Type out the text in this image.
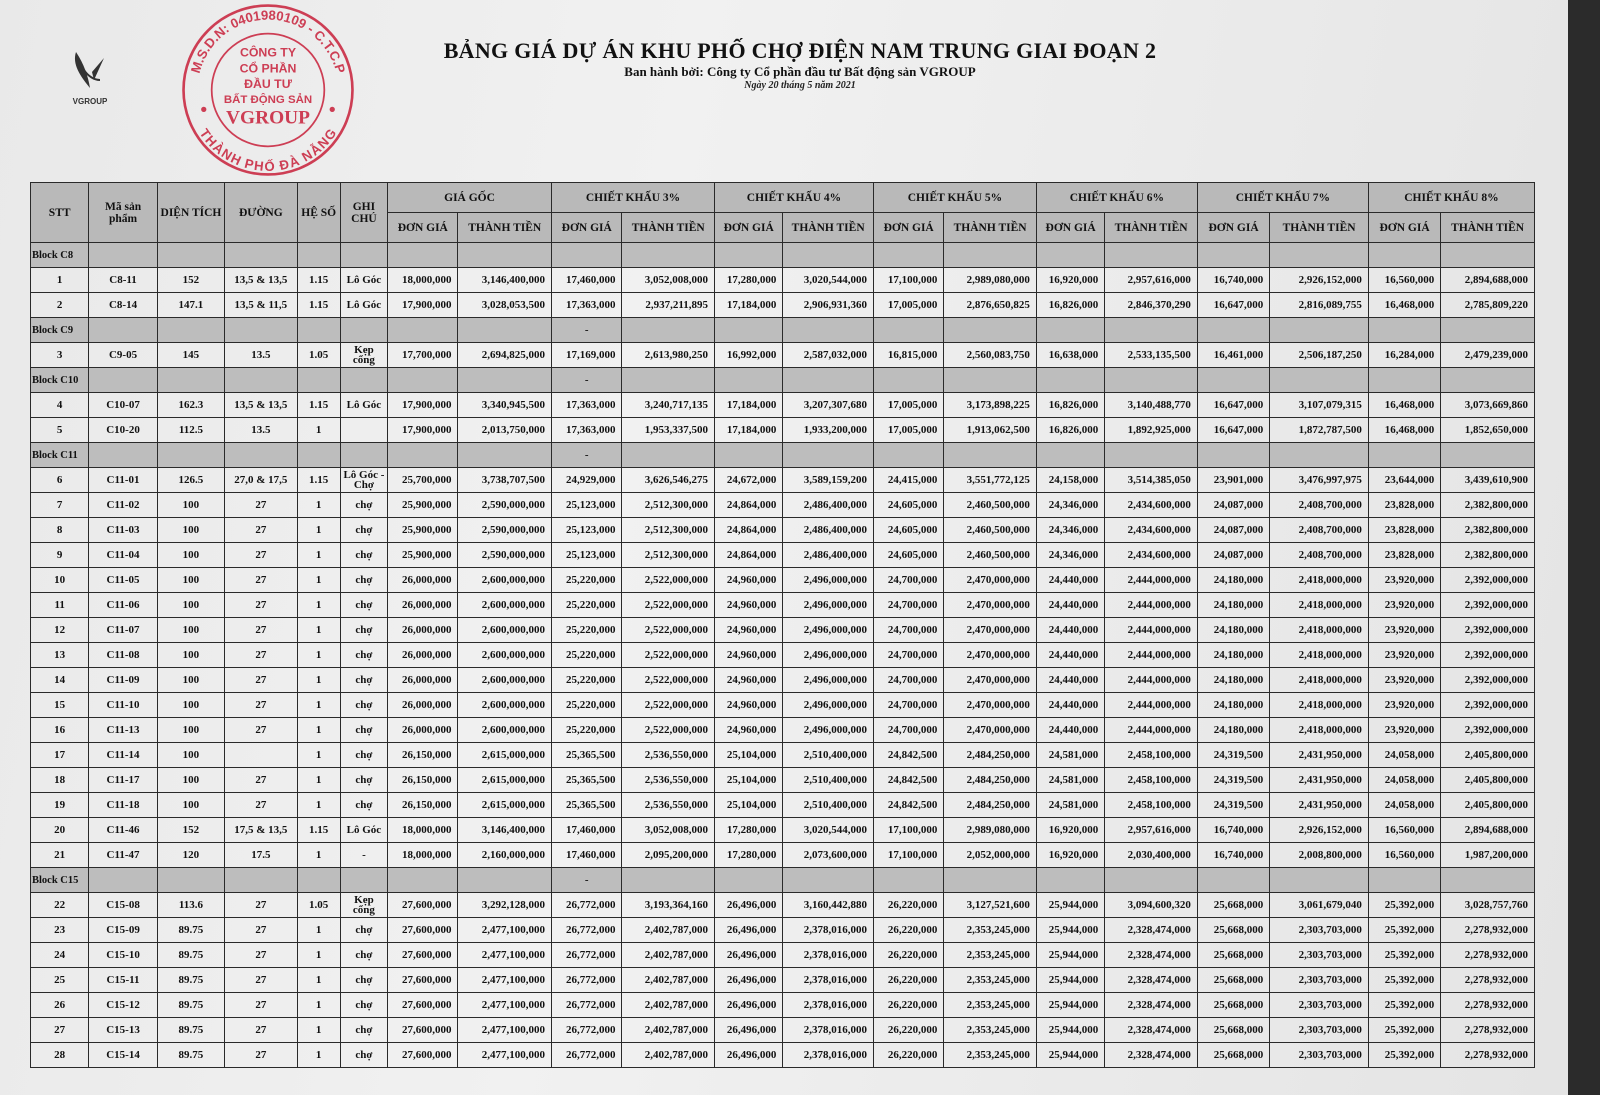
VGROUP
BẢNG GIÁ DỰ ÁN KHU PHỐ CHỢ ĐIỆN NAM TRUNG GIAI ĐOẠN 2
Ban hành bởi: Công ty Cổ phần đầu tư Bất động sản VGROUP
Ngày 20 tháng 5 năm 2021
M.S.D.N: 0401980109 - C.T.C.P
THÀNH PHỐ ĐÀ NẴNG
CÔNG TY
CỔ PHẦN
ĐẦU TƯ
BẤT ĐỘNG SẢN
VGROUP
STT	Mã sản phẩm	DIỆN TÍCH	ĐƯỜNG	HỆ SỐ	GHI CHÚ	GIÁ GỐC		CHIẾT KHẤU 3%		CHIẾT KHẤU 4%		CHIẾT KHẤU 5%		CHIẾT KHẤU 6%		CHIẾT KHẤU 7%		CHIẾT KHẤU 8%	
						ĐƠN GIÁ	THÀNH TIỀN	ĐƠN GIÁ	THÀNH TIỀN	ĐƠN GIÁ	THÀNH TIỀN	ĐƠN GIÁ	THÀNH TIỀN	ĐƠN GIÁ	THÀNH TIỀN	ĐƠN GIÁ	THÀNH TIỀN	ĐƠN GIÁ	THÀNH TIỀN
Block C8																			
1	C8-11	152	13,5 & 13,5	1.15	Lô Góc	18,000,000	3,146,400,000	17,460,000	3,052,008,000	17,280,000	3,020,544,000	17,100,000	2,989,080,000	16,920,000	2,957,616,000	16,740,000	2,926,152,000	16,560,000	2,894,688,000
2	C8-14	147.1	13,5 & 11,5	1.15	Lô Góc	17,900,000	3,028,053,500	17,363,000	2,937,211,895	17,184,000	2,906,931,360	17,005,000	2,876,650,825	16,826,000	2,846,370,290	16,647,000	2,816,089,755	16,468,000	2,785,809,220
Block C9								-											
3	C9-05	145	13.5	1.05	Kẹp cổng	17,700,000	2,694,825,000	17,169,000	2,613,980,250	16,992,000	2,587,032,000	16,815,000	2,560,083,750	16,638,000	2,533,135,500	16,461,000	2,506,187,250	16,284,000	2,479,239,000
Block C10								-											
4	C10-07	162.3	13,5 & 13,5	1.15	Lô Góc	17,900,000	3,340,945,500	17,363,000	3,240,717,135	17,184,000	3,207,307,680	17,005,000	3,173,898,225	16,826,000	3,140,488,770	16,647,000	3,107,079,315	16,468,000	3,073,669,860
5	C10-20	112.5	13.5	1		17,900,000	2,013,750,000	17,363,000	1,953,337,500	17,184,000	1,933,200,000	17,005,000	1,913,062,500	16,826,000	1,892,925,000	16,647,000	1,872,787,500	16,468,000	1,852,650,000
Block C11								-											
6	C11-01	126.5	27,0 & 17,5	1.15	Lô Góc - Chợ	25,700,000	3,738,707,500	24,929,000	3,626,546,275	24,672,000	3,589,159,200	24,415,000	3,551,772,125	24,158,000	3,514,385,050	23,901,000	3,476,997,975	23,644,000	3,439,610,900
7	C11-02	100	27	1	chợ	25,900,000	2,590,000,000	25,123,000	2,512,300,000	24,864,000	2,486,400,000	24,605,000	2,460,500,000	24,346,000	2,434,600,000	24,087,000	2,408,700,000	23,828,000	2,382,800,000
8	C11-03	100	27	1	chợ	25,900,000	2,590,000,000	25,123,000	2,512,300,000	24,864,000	2,486,400,000	24,605,000	2,460,500,000	24,346,000	2,434,600,000	24,087,000	2,408,700,000	23,828,000	2,382,800,000
9	C11-04	100	27	1	chợ	25,900,000	2,590,000,000	25,123,000	2,512,300,000	24,864,000	2,486,400,000	24,605,000	2,460,500,000	24,346,000	2,434,600,000	24,087,000	2,408,700,000	23,828,000	2,382,800,000
10	C11-05	100	27	1	chợ	26,000,000	2,600,000,000	25,220,000	2,522,000,000	24,960,000	2,496,000,000	24,700,000	2,470,000,000	24,440,000	2,444,000,000	24,180,000	2,418,000,000	23,920,000	2,392,000,000
11	C11-06	100	27	1	chợ	26,000,000	2,600,000,000	25,220,000	2,522,000,000	24,960,000	2,496,000,000	24,700,000	2,470,000,000	24,440,000	2,444,000,000	24,180,000	2,418,000,000	23,920,000	2,392,000,000
12	C11-07	100	27	1	chợ	26,000,000	2,600,000,000	25,220,000	2,522,000,000	24,960,000	2,496,000,000	24,700,000	2,470,000,000	24,440,000	2,444,000,000	24,180,000	2,418,000,000	23,920,000	2,392,000,000
13	C11-08	100	27	1	chợ	26,000,000	2,600,000,000	25,220,000	2,522,000,000	24,960,000	2,496,000,000	24,700,000	2,470,000,000	24,440,000	2,444,000,000	24,180,000	2,418,000,000	23,920,000	2,392,000,000
14	C11-09	100	27	1	chợ	26,000,000	2,600,000,000	25,220,000	2,522,000,000	24,960,000	2,496,000,000	24,700,000	2,470,000,000	24,440,000	2,444,000,000	24,180,000	2,418,000,000	23,920,000	2,392,000,000
15	C11-10	100	27	1	chợ	26,000,000	2,600,000,000	25,220,000	2,522,000,000	24,960,000	2,496,000,000	24,700,000	2,470,000,000	24,440,000	2,444,000,000	24,180,000	2,418,000,000	23,920,000	2,392,000,000
16	C11-13	100	27	1	chợ	26,000,000	2,600,000,000	25,220,000	2,522,000,000	24,960,000	2,496,000,000	24,700,000	2,470,000,000	24,440,000	2,444,000,000	24,180,000	2,418,000,000	23,920,000	2,392,000,000
17	C11-14	100		1	chợ	26,150,000	2,615,000,000	25,365,500	2,536,550,000	25,104,000	2,510,400,000	24,842,500	2,484,250,000	24,581,000	2,458,100,000	24,319,500	2,431,950,000	24,058,000	2,405,800,000
18	C11-17	100	27	1	chợ	26,150,000	2,615,000,000	25,365,500	2,536,550,000	25,104,000	2,510,400,000	24,842,500	2,484,250,000	24,581,000	2,458,100,000	24,319,500	2,431,950,000	24,058,000	2,405,800,000
19	C11-18	100	27	1	chợ	26,150,000	2,615,000,000	25,365,500	2,536,550,000	25,104,000	2,510,400,000	24,842,500	2,484,250,000	24,581,000	2,458,100,000	24,319,500	2,431,950,000	24,058,000	2,405,800,000
20	C11-46	152	17,5 & 13,5	1.15	Lô Góc	18,000,000	3,146,400,000	17,460,000	3,052,008,000	17,280,000	3,020,544,000	17,100,000	2,989,080,000	16,920,000	2,957,616,000	16,740,000	2,926,152,000	16,560,000	2,894,688,000
21	C11-47	120	17.5	1	-	18,000,000	2,160,000,000	17,460,000	2,095,200,000	17,280,000	2,073,600,000	17,100,000	2,052,000,000	16,920,000	2,030,400,000	16,740,000	2,008,800,000	16,560,000	1,987,200,000
Block C15								-											
22	C15-08	113.6	27	1.05	Kẹp cổng	27,600,000	3,292,128,000	26,772,000	3,193,364,160	26,496,000	3,160,442,880	26,220,000	3,127,521,600	25,944,000	3,094,600,320	25,668,000	3,061,679,040	25,392,000	3,028,757,760
23	C15-09	89.75	27	1	chợ	27,600,000	2,477,100,000	26,772,000	2,402,787,000	26,496,000	2,378,016,000	26,220,000	2,353,245,000	25,944,000	2,328,474,000	25,668,000	2,303,703,000	25,392,000	2,278,932,000
24	C15-10	89.75	27	1	chợ	27,600,000	2,477,100,000	26,772,000	2,402,787,000	26,496,000	2,378,016,000	26,220,000	2,353,245,000	25,944,000	2,328,474,000	25,668,000	2,303,703,000	25,392,000	2,278,932,000
25	C15-11	89.75	27	1	chợ	27,600,000	2,477,100,000	26,772,000	2,402,787,000	26,496,000	2,378,016,000	26,220,000	2,353,245,000	25,944,000	2,328,474,000	25,668,000	2,303,703,000	25,392,000	2,278,932,000
26	C15-12	89.75	27	1	chợ	27,600,000	2,477,100,000	26,772,000	2,402,787,000	26,496,000	2,378,016,000	26,220,000	2,353,245,000	25,944,000	2,328,474,000	25,668,000	2,303,703,000	25,392,000	2,278,932,000
27	C15-13	89.75	27	1	chợ	27,600,000	2,477,100,000	26,772,000	2,402,787,000	26,496,000	2,378,016,000	26,220,000	2,353,245,000	25,944,000	2,328,474,000	25,668,000	2,303,703,000	25,392,000	2,278,932,000
28	C15-14	89.75	27	1	chợ	27,600,000	2,477,100,000	26,772,000	2,402,787,000	26,496,000	2,378,016,000	26,220,000	2,353,245,000	25,944,000	2,328,474,000	25,668,000	2,303,703,000	25,392,000	2,278,932,000
